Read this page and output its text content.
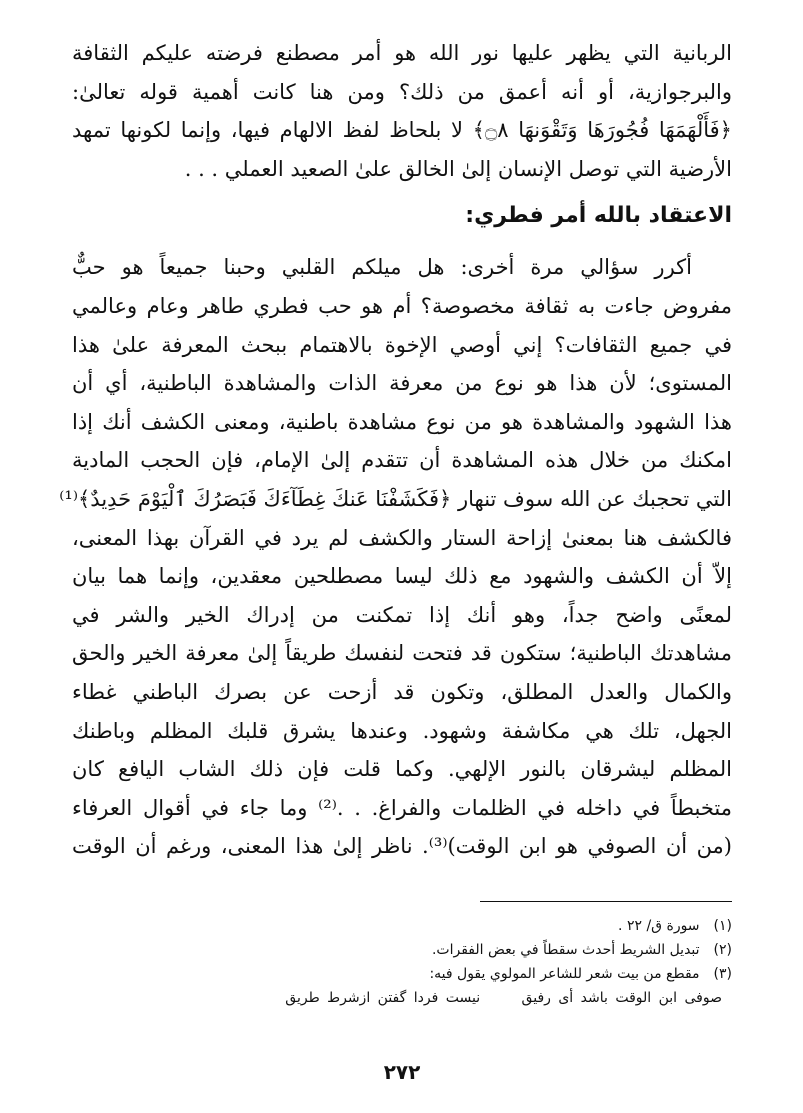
الربانية التي يظهر عليها نور الله هو أمر مصطنع فرضته عليكم الثقافة
والبرجوازية، أو أنه أعمق من ذلك؟ ومن هنا كانت أهمية قوله تعالىٰ:
﴿فَأَلْهَمَهَا فُجُورَهَا وَتَقْوَنهَا ۝٨﴾ لا بلحاظ لفظ الالهام فيها، وإنما لكونها تمهد
الأرضية التي توصل الإنسان إلىٰ الخالق علىٰ الصعيد العملي . . .

الاعتقاد بالله أمر فطري:

أكرر سؤالي مرة أخرى: هل ميلكم القلبي وحبنا جميعاً هو حبٌّ
مفروض جاءت به ثقافة مخصوصة؟ أم هو حب فطري طاهر وعام وعالمي
في جميع الثقافات؟ إني أوصي الإخوة بالاهتمام ببحث المعرفة علىٰ هذا
المستوى؛ لأن هذا هو نوع من معرفة الذات والمشاهدة الباطنية، أي أن
هذا الشهود والمشاهدة هو من نوع مشاهدة باطنية، ومعنى الكشف أنك إذا
امكنك من خلال هذه المشاهدة أن تتقدم إلىٰ الإمام، فإن الحجب المادية
التي تحجبك عن الله سوف تنهار ﴿فَكَشَفْنَا عَنكَ غِطَآءَكَ فَبَصَرُكَ ٱلْيَوْمَ حَدِيدٌ﴾⁽¹⁾
فالكشف هنا بمعنىٰ إزاحة الستار والكشف لم يرد في القرآن بهذا المعنى،
إلاّ أن الكشف والشهود مع ذلك ليسا مصطلحين معقدين، وإنما هما بيان
لمعنًى واضح جداً، وهو أنك إذا تمكنت من إدراك الخير والشر في
مشاهدتك الباطنية؛ ستكون قد فتحت لنفسك طريقاً إلىٰ معرفة الخير والحق
والكمال والعدل المطلق، وتكون قد أزحت عن بصرك الباطني غطاء
الجهل، تلك هي مكاشفة وشهود. وعندها يشرق قلبك المظلم وباطنك
المظلم ليشرقان بالنور الإلهي. وكما قلت فإن ذلك الشاب اليافع كان
متخبطاً في داخله في الظلمات والفراغ. . .⁽²⁾ وما جاء في أقوال العرفاء
(من أن الصوفي هو ابن الوقت)⁽³⁾. ناظر إلىٰ هذا المعنى، ورغم أن الوقت

(١) سورة ق/ ٢٢ .
(٢) تبديل الشريط أحدث سقطاً في بعض الفقرات.
(٣) مقطع من بيت شعر للشاعر المولوي يقول فيه:
صوفى ابن الوقت باشد أى رفيق نيست فردا گفتن ازشرط طريق
٢٧٢
